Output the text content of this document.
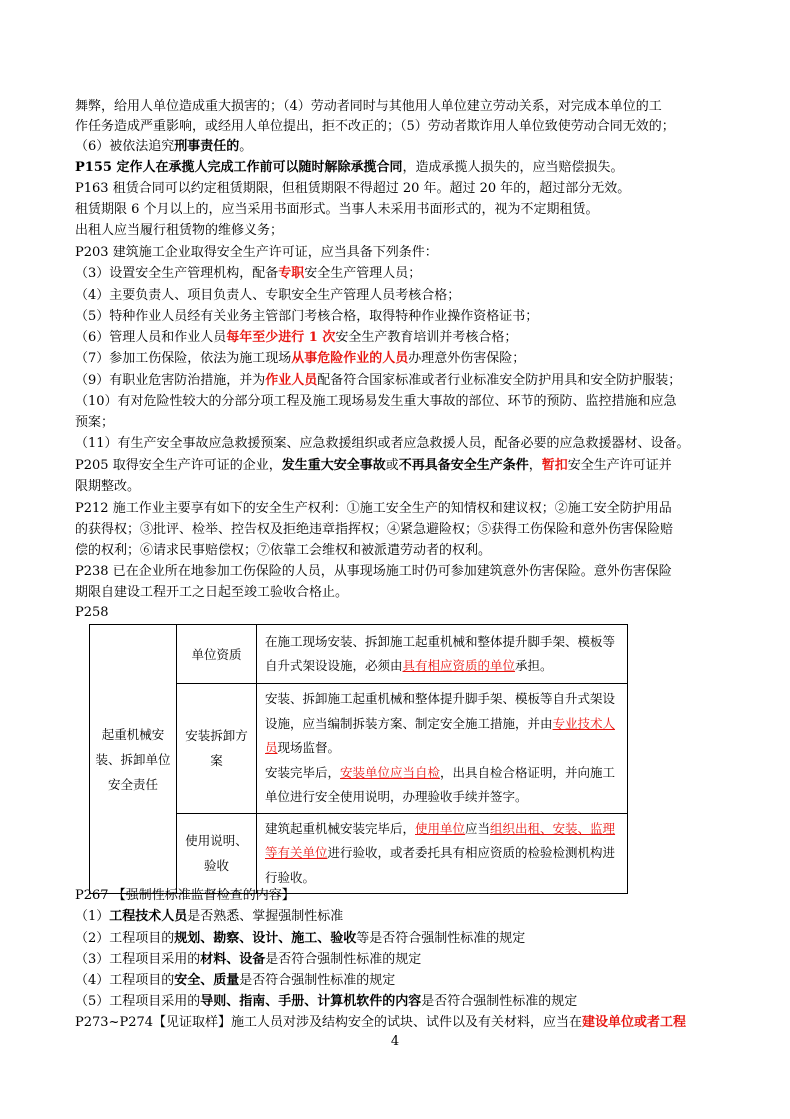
舞弊，给用人单位造成重大损害的；（4）劳动者同时与其他用人单位建立劳动关系，对完成本单位的工
作任务造成严重影响，或经用人单位提出，拒不改正的；（5）劳动者欺诈用人单位致使劳动合同无效的；
（6）被依法追究刑事责任的。
P155 定作人在承揽人完成工作前可以随时解除承揽合同，造成承揽人损失的，应当赔偿损失。
P163 租赁合同可以约定租赁期限，但租赁期限不得超过 20 年。超过 20 年的，超过部分无效。
租赁期限 6 个月以上的，应当采用书面形式。当事人未采用书面形式的，视为不定期租赁。
出租人应当履行租赁物的维修义务；
P203 建筑施工企业取得安全生产许可证，应当具备下列条件：
（3）设置安全生产管理机构，配备专职安全生产管理人员；
（4）主要负责人、项目负责人、专职安全生产管理人员考核合格；
（5）特种作业人员经有关业务主管部门考核合格，取得特种作业操作资格证书；
（6）管理人员和作业人员每年至少进行 1 次安全生产教育培训并考核合格；
（7）参加工伤保险，依法为施工现场从事危险作业的人员办理意外伤害保险；
（9）有职业危害防治措施，并为作业人员配备符合国家标准或者行业标准安全防护用具和安全防护服装；
（10）有对危险性较大的分部分项工程及施工现场易发生重大事故的部位、环节的预防、监控措施和应急
预案；
（11）有生产安全事故应急救援预案、应急救援组织或者应急救援人员，配备必要的应急救援器材、设备。
P205 取得安全生产许可证的企业，发生重大安全事故或不再具备安全生产条件，暂扣安全生产许可证并
限期整改。
P212 施工作业主要享有如下的安全生产权利：①施工安全生产的知情权和建议权；②施工安全防护用品
的获得权；③批评、检举、控告权及拒绝违章指挥权；④紧急避险权；⑤获得工伤保险和意外伤害保险赔
偿的权利；⑥请求民事赔偿权；⑦依靠工会维权和被派遣劳动者的权利。
P238 已在企业所在地参加工伤保险的人员，从事现场施工时仍可参加建筑意外伤害保险。意外伤害保险
期限自建设工程开工之日起至竣工验收合格止。
P258
起重机械安装、拆卸单位安全责任	单位资质	在施工现场安装、拆卸施工起重机械和整体提升脚手架、模板等自升式架设设施，必须由具有相应资质的单位承担。
	安装拆卸方案	安装、拆卸施工起重机械和整体提升脚手架、模板等自升式架设设施，应当编制拆装方案、制定安全施工措施，并由专业技术人员现场监督。
安装完毕后，安装单位应当自检，出具自检合格证明，并向施工单位进行安全使用说明，办理验收手续并签字。
	使用说明、验收	建筑起重机械安装完毕后，使用单位应当组织出租、安装、监理等有关单位进行验收，或者委托具有相应资质的检验检测机构进行验收。
P267 【强制性标准监督检查的内容】
（1）工程技术人员是否熟悉、掌握强制性标准
（2）工程项目的规划、勘察、设计、施工、验收等是否符合强制性标准的规定
（3）工程项目采用的材料、设备是否符合强制性标准的规定
（4）工程项目的安全、质量是否符合强制性标准的规定
（5）工程项目采用的导则、指南、手册、计算机软件的内容是否符合强制性标准的规定
P273~P274【见证取样】施工人员对涉及结构安全的试块、试件以及有关材料，应当在建设单位或者工程
4
